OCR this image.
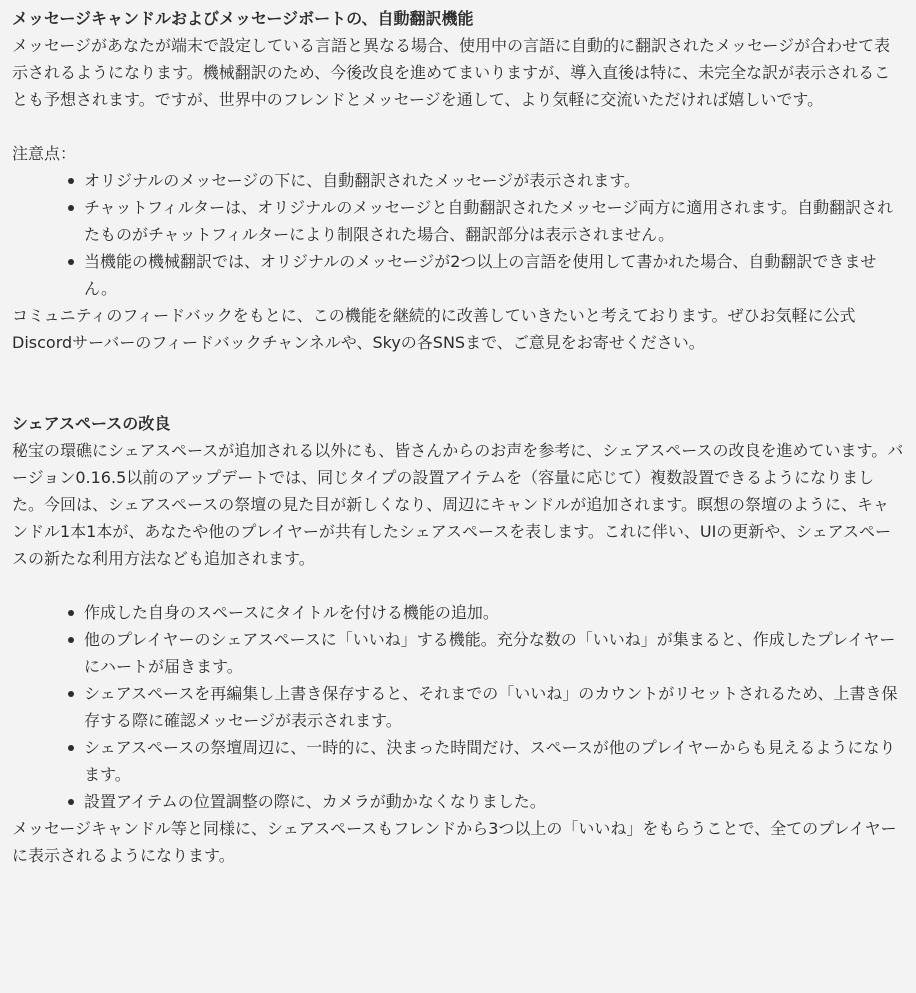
メッセージキャンドルおよびメッセージボートの、自動翻訳機能

メッセージがあなたが端末で設定している言語と異なる場合、使用中の言語に自動的に翻訳されたメッセージが合わせて表示されるようになります。機械翻訳のため、今後改良を進めてまいりますが、導入直後は特に、未完全な訳が表示されることも予想されます。ですが、世界中のフレンドとメッセージを通して、より気軽に交流いただければ嬉しいです。

注意点：

オリジナルのメッセージの下に、自動翻訳されたメッセージが表示されます。
チャットフィルターは、オリジナルのメッセージと自動翻訳されたメッセージ両方に適用されます。自動翻訳されたものがチャットフィルターにより制限された場合、翻訳部分は表示されません。
当機能の機械翻訳では、オリジナルのメッセージが2つ以上の言語を使用して書かれた場合、自動翻訳できません。

コミュニティのフィードバックをもとに、この機能を継続的に改善していきたいと考えております。ぜひお気軽に公式Discordサーバーのフィードバックチャンネルや、Skyの各SNSまで、ご意見をお寄せください。

シェアスペースの改良

秘宝の環礁にシェアスペースが追加される以外にも、皆さんからのお声を参考に、シェアスペースの改良を進めています。バージョン0.16.5以前のアップデートでは、同じタイプの設置アイテムを（容量に応じて）複数設置できるようになりました。今回は、シェアスペースの祭壇の見た目が新しくなり、周辺にキャンドルが追加されます。瞑想の祭壇のように、キャンドル1本1本が、あなたや他のプレイヤーが共有したシェアスペースを表します。これに伴い、UIの更新や、シェアスペースの新たな利用方法なども追加されます。

作成した自身のスペースにタイトルを付ける機能の追加。
他のプレイヤーのシェアスペースに「いいね」する機能。充分な数の「いいね」が集まると、作成したプレイヤーにハートが届きます。
シェアスペースを再編集し上書き保存すると、それまでの「いいね」のカウントがリセットされるため、上書き保存する際に確認メッセージが表示されます。
シェアスペースの祭壇周辺に、一時的に、決まった時間だけ、スペースが他のプレイヤーからも見えるようになります。
設置アイテムの位置調整の際に、カメラが動かなくなりました。

メッセージキャンドル等と同様に、シェアスペースもフレンドから3つ以上の「いいね」をもらうことで、全てのプレイヤーに表示されるようになります。
